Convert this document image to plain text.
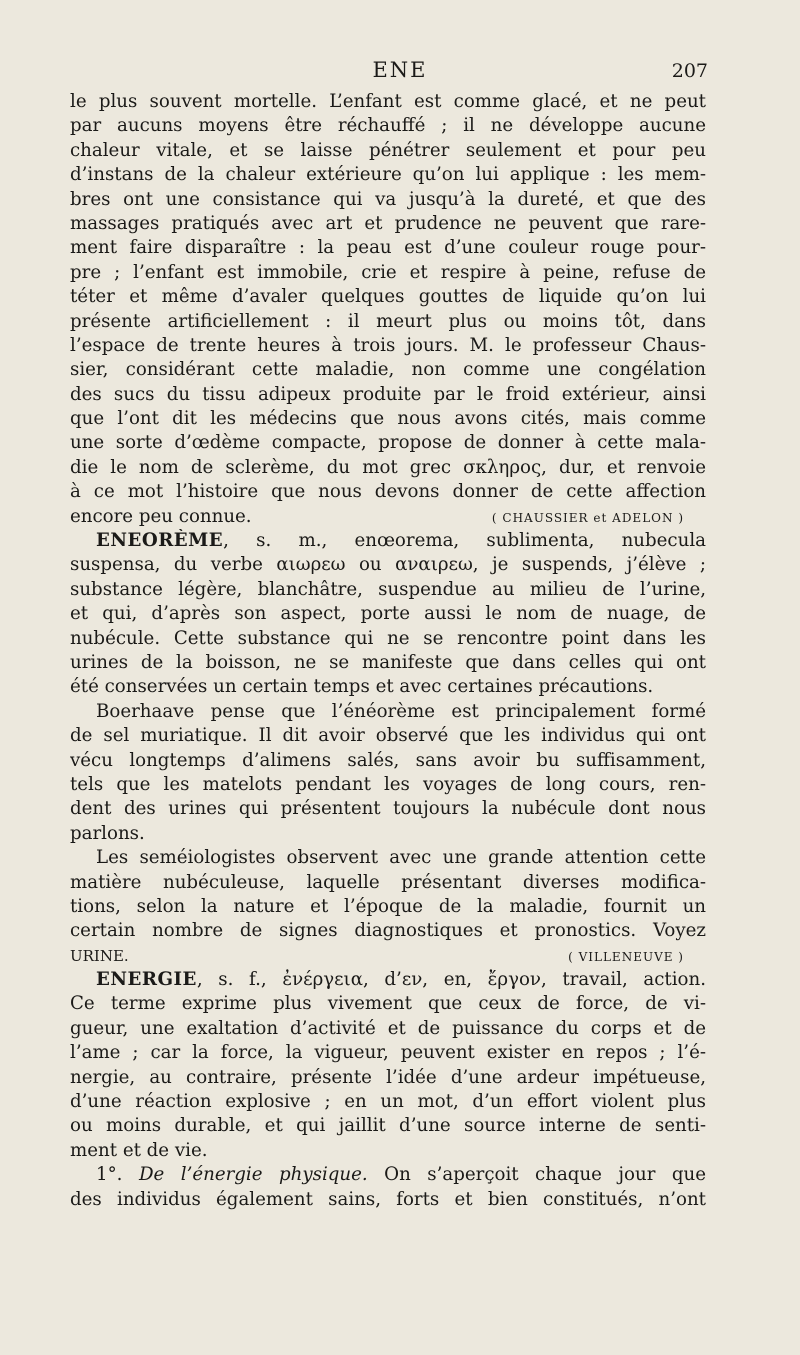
ENE	207
le plus souvent mortelle. L’enfant est comme glacé, et ne peut
par aucuns moyens être réchauffé ; il ne développe aucune
chaleur vitale, et se laisse pénétrer seulement et pour peu
d’instans de la chaleur extérieure qu’on lui applique : les mem-
bres ont une consistance qui va jusqu’à la dureté, et que des
massages pratiqués avec art et prudence ne peuvent que rare-
ment faire disparaître : la peau est d’une couleur rouge pour-
pre ; l’enfant est immobile, crie et respire à peine, refuse de
téter et même d’avaler quelques gouttes de liquide qu’on lui
présente artificiellement : il meurt plus ou moins tôt, dans
l’espace de trente heures à trois jours. M. le professeur Chaus-
sier, considérant cette maladie, non comme une congélation
des sucs du tissu adipeux produite par le froid extérieur, ainsi
que l’ont dit les médecins que nous avons cités, mais comme
une sorte d’œdème compacte, propose de donner à cette mala-
die le nom de sclerème, du mot grec σκληρος, dur, et renvoie
à ce mot l’histoire que nous devons donner de cette affection
encore peu connue.	( CHAUSSIER et ADELON )
ENEORÈME, s. m., enœorema, sublimenta, nubecula
suspensa, du verbe αιωρεω ou αναιρεω, je suspends, j’élève ;
substance légère, blanchâtre, suspendue au milieu de l’urine,
et qui, d’après son aspect, porte aussi le nom de nuage, de
nubécule. Cette substance qui ne se rencontre point dans les
urines de la boisson, ne se manifeste que dans celles qui ont
été conservées un certain temps et avec certaines précautions.
Boerhaave pense que l’énéorème est principalement formé
de sel muriatique. Il dit avoir observé que les individus qui ont
vécu longtemps d’alimens salés, sans avoir bu suffisamment,
tels que les matelots pendant les voyages de long cours, ren-
dent des urines qui présentent toujours la nubécule dont nous
parlons.
Les seméiologistes observent avec une grande attention cette
matière nubéculeuse, laquelle présentant diverses modifica-
tions, selon la nature et l’époque de la maladie, fournit un
certain nombre de signes diagnostiques et pronostics. Voyez
URINE.	( VILLENEUVE )
ENERGIE, s. f., ἐνέργεια, d’εν, en, ἔργον, travail, action.
Ce terme exprime plus vivement que ceux de force, de vi-
gueur, une exaltation d’activité et de puissance du corps et de
l’ame ; car la force, la vigueur, peuvent exister en repos ; l’é-
nergie, au contraire, présente l’idée d’une ardeur impétueuse,
d’une réaction explosive ; en un mot, d’un effort violent plus
ou moins durable, et qui jaillit d’une source interne de senti-
ment et de vie.
1°. De l’énergie physique. On s’aperçoit chaque jour que
des individus également sains, forts et bien constitués, n’ont
